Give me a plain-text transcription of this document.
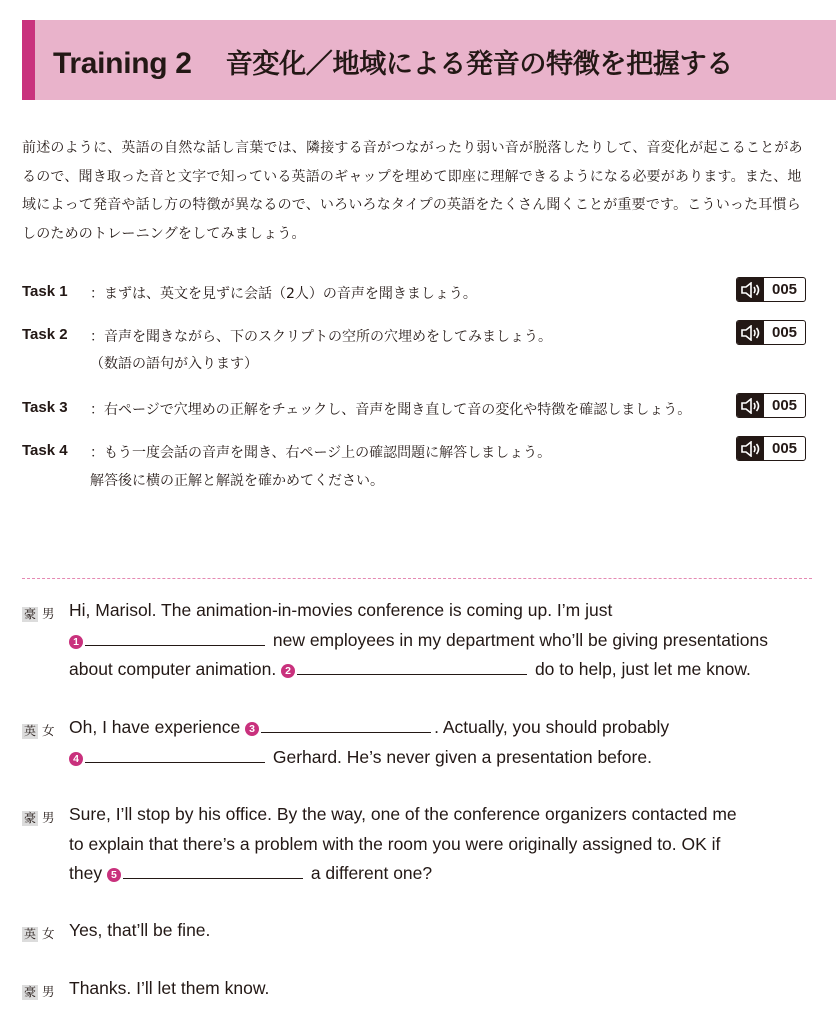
Training 2 音変化／地域による発音の特徴を把握する

前述のように、英語の自然な話し言葉では、隣接する音がつながったり弱い音が脱落したりして、音変化が起こることがあるので、聞き取った音と文字で知っている英語のギャップを埋めて即座に理解できるようになる必要があります。また、地域によって発音や話し方の特徴が異なるので、いろいろなタイプの英語をたくさん聞くことが重要です。こういった耳慣らしのためのトレーニングをしてみましょう。

Task 1 ：まずは、英文を見ずに会話（2人）の音声を聞きましょう。	005
Task 2 ：音声を聞きながら、下のスクリプトの空所の穴埋めをしてみましょう。
（数語の語句が入ります）
005
Task 3 ：右ページで穴埋めの正解をチェックし、音声を聞き直して音の変化や特徴を確認しましょう。	005
Task 4 ：もう一度会話の音声を聞き、右ページ上の確認問題に解答しましょう。
解答後に横の正解と解説を確かめてください。
005
豪 男 Hi, Marisol. The animation-in-movies conference is coming up. I’m just
1	new employees in my department who’ll be giving presentations
about computer animation. 2	do to help, just let me know.
英 女 Oh, I have experience 3	. Actually, you should probably
4	Gerhard. He’s never given a presentation before.
豪 男 Sure, I’ll stop by his office. By the way, one of the conference organizers contacted me
to explain that there’s a problem with the room you were originally assigned to. OK if
they 5	a different one?
英 女 Yes, that’ll be fine.
豪 男 Thanks. I’ll let them know.
